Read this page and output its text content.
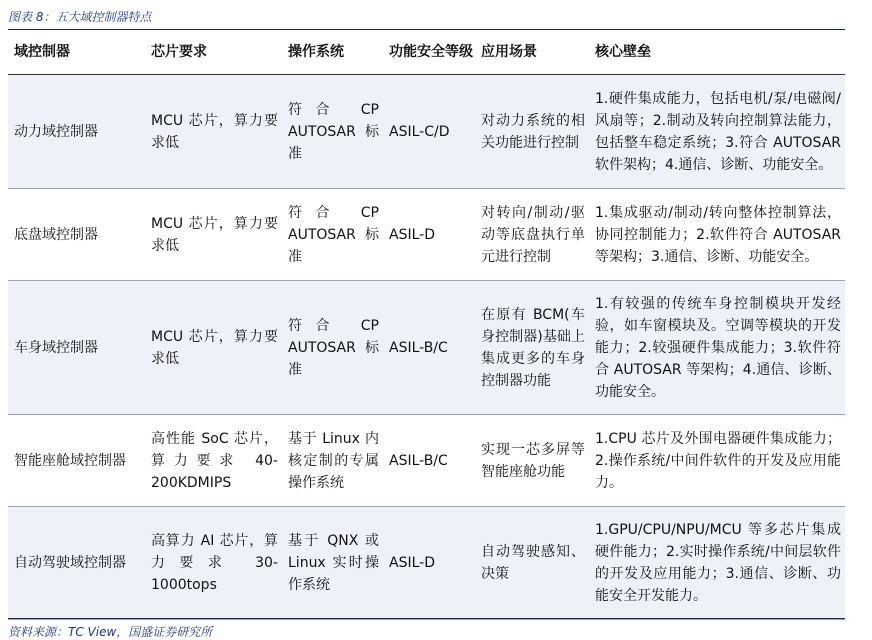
图表 8：五大域控制器特点
域控制器	芯片要求	操作系统	功能安全等级	应用场景	核心壁垒
动力域控制器	MCU 芯片，算力要求低	符合 CP AUTOSAR 标准	ASIL-C/D	对动力系统的相关功能进行控制	1.硬件集成能力，包括电机/泵/电磁阀/风扇等；2.制动及转向控制算法能力，包括整车稳定系统；3.符合 AUTOSAR 软件架构；4.通信、诊断、功能安全。
底盘域控制器	MCU 芯片，算力要求低	符合 CP AUTOSAR 标准	ASIL-D	对转向/制动/驱动等底盘执行单元进行控制	1.集成驱动/制动/转向整体控制算法，协同控制能力；2.软件符合 AUTOSAR 等架构；3.通信、诊断、功能安全。
车身域控制器	MCU 芯片，算力要求低	符合 CP AUTOSAR 标准	ASIL-B/C	在原有 BCM(车身控制器)基础上集成更多的车身控制器功能	1.有较强的传统车身控制模块开发经验，如车窗模块及。空调等模块的开发能力；2.较强硬件集成能力；3.软件符合 AUTOSAR 等架构；4.通信、诊断、功能安全。
智能座舱域控制器	高性能 SoC 芯片，算力要求 40-200KDMIPS	基于 Linux 内核定制的专属操作系统	ASIL-B/C	实现一芯多屏等智能座舱功能	1.CPU 芯片及外围电器硬件集成能力；2.操作系统/中间件软件的开发及应用能力。
自动驾驶域控制器	高算力 AI 芯片，算力要求 30-1000tops	基于 QNX 或 Linux 实时操作系统	ASIL-D	自动驾驶感知、决策	1.GPU/CPU/NPU/MCU 等多芯片集成硬件能力；2.实时操作系统/中间层软件的开发及应用能力；3.通信、诊断、功能安全开发能力。
资料来源：TC View，国盛证券研究所
